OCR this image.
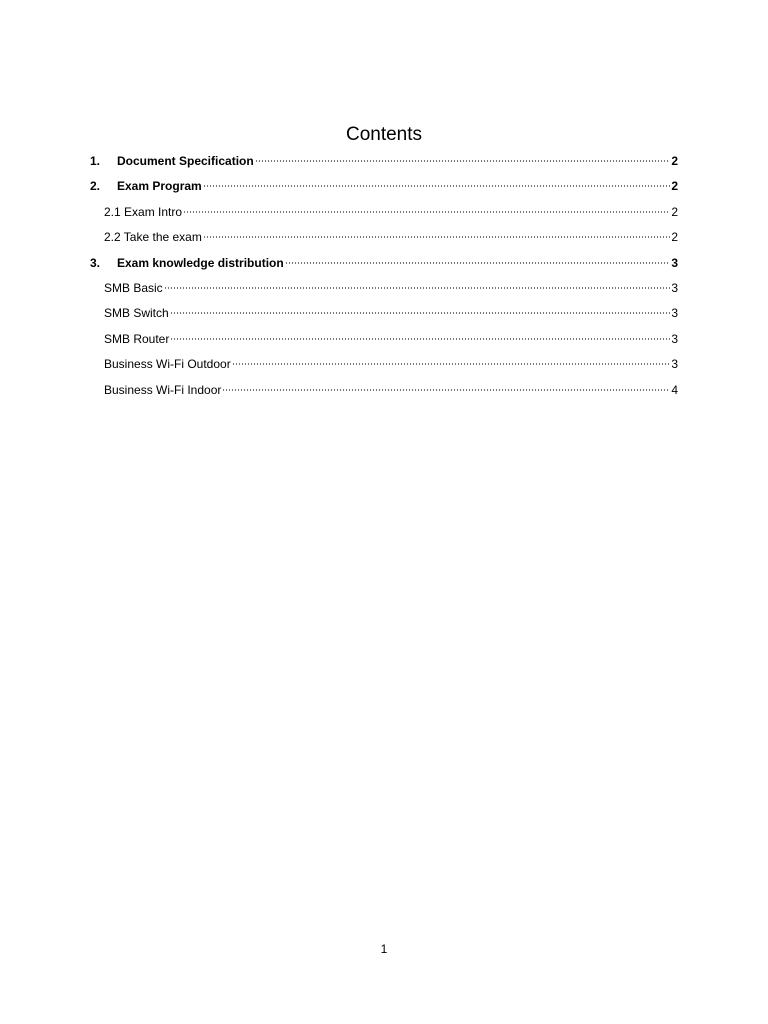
Contents
1.	Document Specification	2
2.	Exam Program	2
2.1 Exam Intro	2
2.2 Take the exam	2
3.	Exam knowledge distribution	3
SMB Basic	3
SMB Switch	3
SMB Router	3
Business Wi-Fi Outdoor	3
Business Wi-Fi Indoor	4
1
